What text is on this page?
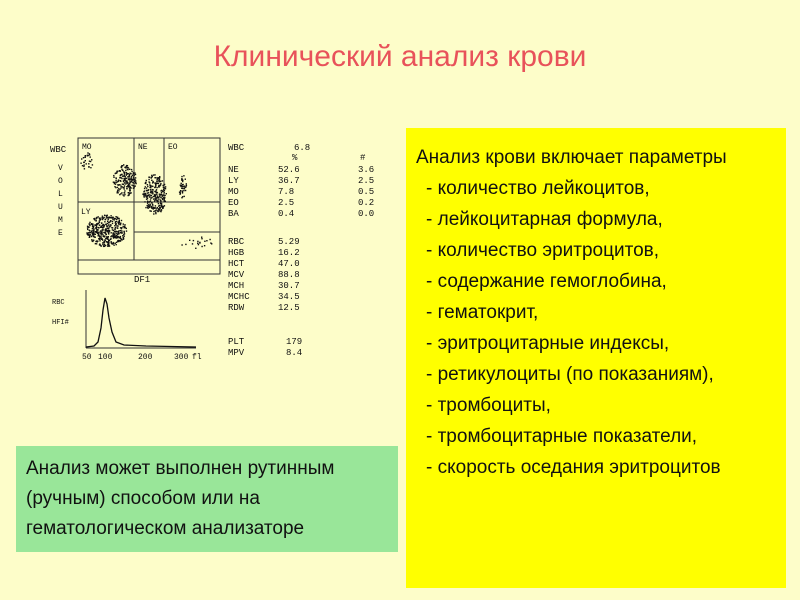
Клинический анализ крови
WBC
V
O
L
U
M
E
DF1
MO	NE	EO
LY
RBC
HFI#
50 100	200	300 fl
WBC	6.8
%	#
NE	52.6	3.6
LY	36.7	2.5
MO	7.8	0.5
EO	2.5	0.2
BA	0.4	0.0
RBC	5.29
HGB	16.2
HCT	47.0
MCV	88.8
MCH	30.7
MCHC	34.5
RDW	12.5
PLT	179
MPV	8.4
Анализ крови включает параметры
- количество лейкоцитов,
- лейкоцитарная формула,
- количество эритроцитов,
- содержание гемоглобина,
- гематокрит,
- эритроцитарные индексы,
- ретикулоциты (по показаниям),
- тромбоциты,
- тромбоцитарные показатели,
- скорость оседания эритроцитов
Анализ может выполнен рутинным (ручным) способом или на гематологическом анализаторе
